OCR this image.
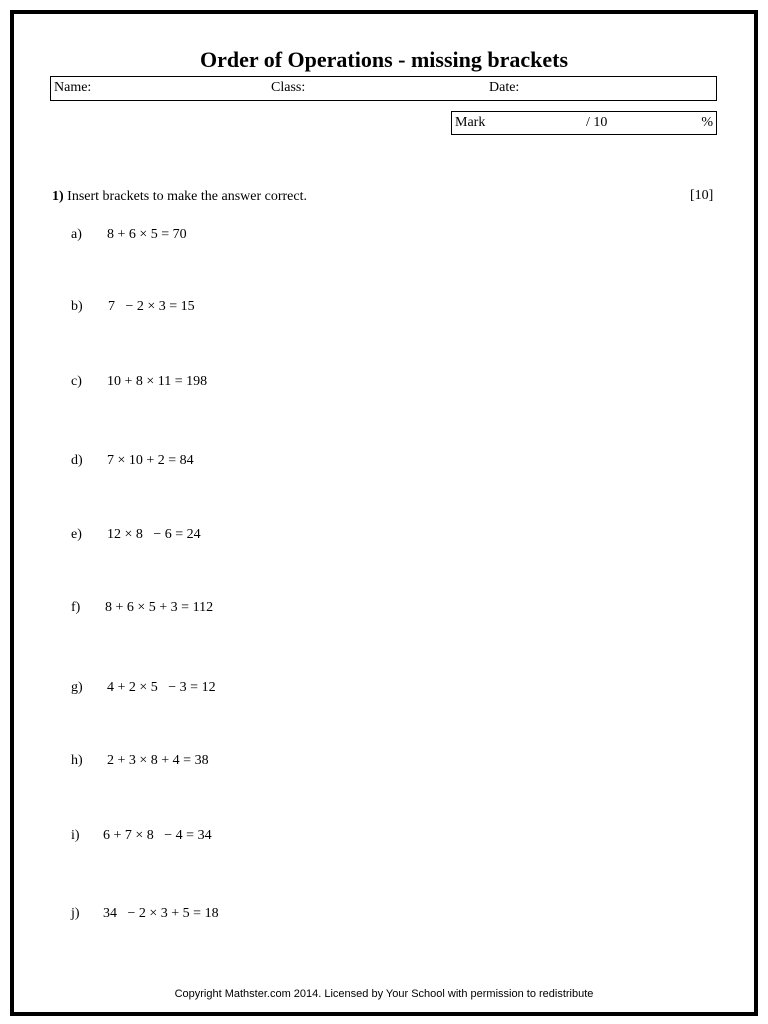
Order of Operations - missing brackets
Name:	Class:	Date:
Mark	/ 10	%
1) Insert brackets to make the answer correct.	[10]
a) 8 + 6 × 5 = 70
b) 7   − 2 × 3 = 15
c) 10 + 8 × 11 = 198
d) 7 × 10 + 2 = 84
e) 12 × 8   − 6 = 24
f) 8 + 6 × 5 + 3 = 112
g) 4 + 2 × 5   − 3 = 12
h) 2 + 3 × 8 + 4 = 38
i) 6 + 7 × 8   − 4 = 34
j) 34   − 2 × 3 + 5 = 18
Copyright Mathster.com 2014. Licensed by Your School with permission to redistribute
